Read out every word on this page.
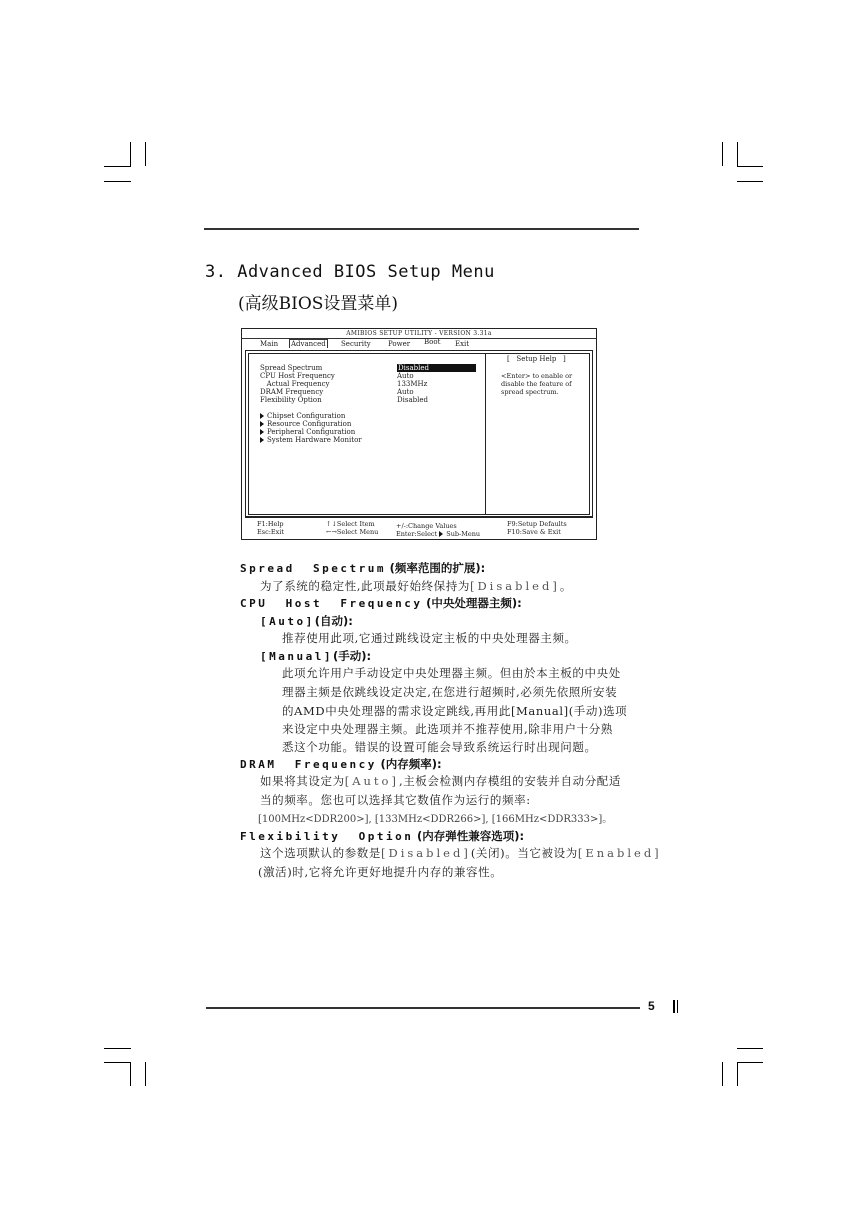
3. Advanced BIOS Setup Menu
(高级BIOS设置菜单)
AMIBIOS SETUP UTILITY - VERSION 3.31a
Main Advanced Security Power Boot Exit
Spread Spectrum
CPU Host Frequency
Actual Frequency
DRAM Frequency
Flexibility Option
Disabled
Auto
133MHz
Auto
Disabled
Chipset Configuration
Resource Configuration
Peripheral Configuration
System Hardware Monitor
[   Setup Help   ]
<Enter> to enable or disable the feature of spread spectrum.
F1:Help
Esc:Exit
↑↓Select Item
←→Select Menu
+/-:Change Values
Enter:Select Sub-Menu
F9:Setup Defaults
F10:Save & Exit
Spread  Spectrum (频率范围的扩展):
为了系统的稳定性,此项最好始终保持为[Disabled]。
CPU  Host  Frequency (中央处理器主频):
[Auto](自动):
推荐使用此项,它通过跳线设定主板的中央处理器主频。
[Manual](手动):
此项允许用户手动设定中央处理器主频。但由於本主板的中央处
理器主频是依跳线设定决定,在您进行超频时,必须先依照所安装
的AMD中央处理器的需求设定跳线,再用此[Manual](手动)选项
来设定中央处理器主频。此选项并不推荐使用,除非用户十分熟
悉这个功能。错误的设置可能会导致系统运行时出现问题。
DRAM  Frequency (内存频率):
如果将其设定为[Auto],主板会检测内存模组的安装并自动分配适
当的频率。您也可以选择其它数值作为运行的频率:
[100MHz<DDR200>], [133MHz<DDR266>], [166MHz<DDR333>]。
Flexibility  Option (内存弹性兼容选项):
这个选项默认的参数是[Disabled](关闭)。当它被设为[Enabled]
(激活)时,它将允许更好地提升内存的兼容性。
5
